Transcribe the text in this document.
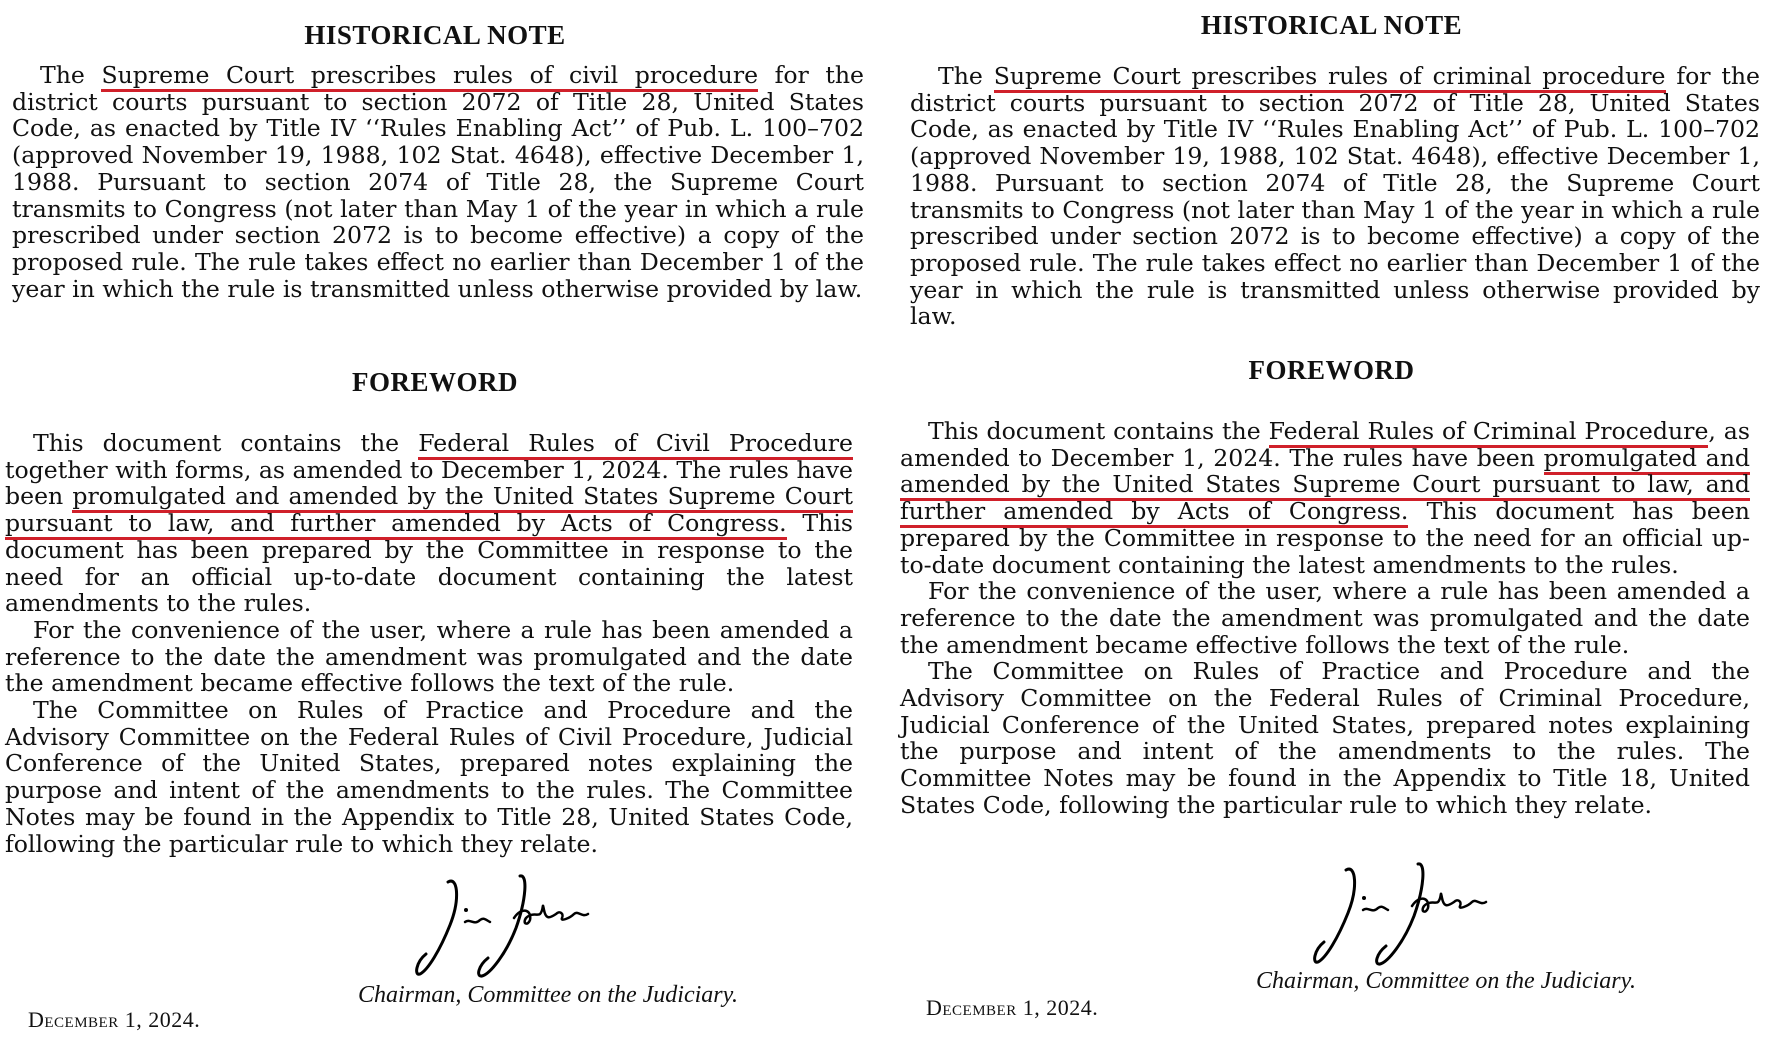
HISTORICAL NOTE

The Supreme Court prescribes rules of civil procedure for the district courts pursuant to section 2072 of Title 28, United States Code, as enacted by Title IV ‘‘Rules Enabling Act’’ of Pub. L. 100–702 (approved November 19, 1988, 102 Stat. 4648), effective December 1, 1988. Pursuant to section 2074 of Title 28, the Supreme Court transmits to Congress (not later than May 1 of the year in which a rule prescribed under section 2072 is to become effective) a copy of the proposed rule. The rule takes effect no earlier than December 1 of the year in which the rule is transmitted unless otherwise provided by law.

FOREWORD

This document contains the Federal Rules of Civil Procedure together with forms, as amended to December 1, 2024. The rules have been promulgated and amended by the United States Supreme Court pursuant to law, and further amended by Acts of Congress. This document has been prepared by the Committee in response to the need for an official up-to-date document containing the latest amendments to the rules.

For the convenience of the user, where a rule has been amended a reference to the date the amendment was promulgated and the date the amendment became effective follows the text of the rule.

The Committee on Rules of Practice and Procedure and the Advisory Committee on the Federal Rules of Civil Procedure, Judicial Conference of the United States, prepared notes explaining the purpose and intent of the amendments to the rules. The Committee Notes may be found in the Appendix to Title 28, United States Code, following the particular rule to which they relate.

Chairman, Committee on the Judiciary.
December 1, 2024.
HISTORICAL NOTE

The Supreme Court prescribes rules of criminal procedure for the district courts pursuant to section 2072 of Title 28, United States Code, as enacted by Title IV ‘‘Rules Enabling Act’’ of Pub. L. 100–702 (approved November 19, 1988, 102 Stat. 4648), effective December 1, 1988. Pursuant to section 2074 of Title 28, the Supreme Court transmits to Congress (not later than May 1 of the year in which a rule prescribed under section 2072 is to become effective) a copy of the proposed rule. The rule takes effect no earlier than December 1 of the year in which the rule is transmitted unless otherwise provided by law.

FOREWORD

This document contains the Federal Rules of Criminal Procedure, as amended to December 1, 2024. The rules have been promulgated and amended by the United States Supreme Court pursuant to law, and further amended by Acts of Congress. This document has been prepared by the Committee in response to the need for an official up-to-date document containing the latest amendments to the rules.

For the convenience of the user, where a rule has been amended a reference to the date the amendment was promulgated and the date the amendment became effective follows the text of the rule.

The Committee on Rules of Practice and Procedure and the Advisory Committee on the Federal Rules of Criminal Procedure, Judicial Conference of the United States, prepared notes explaining the purpose and intent of the amendments to the rules. The Committee Notes may be found in the Appendix to Title 18, United States Code, following the particular rule to which they relate.

Chairman, Committee on the Judiciary.
December 1, 2024.
